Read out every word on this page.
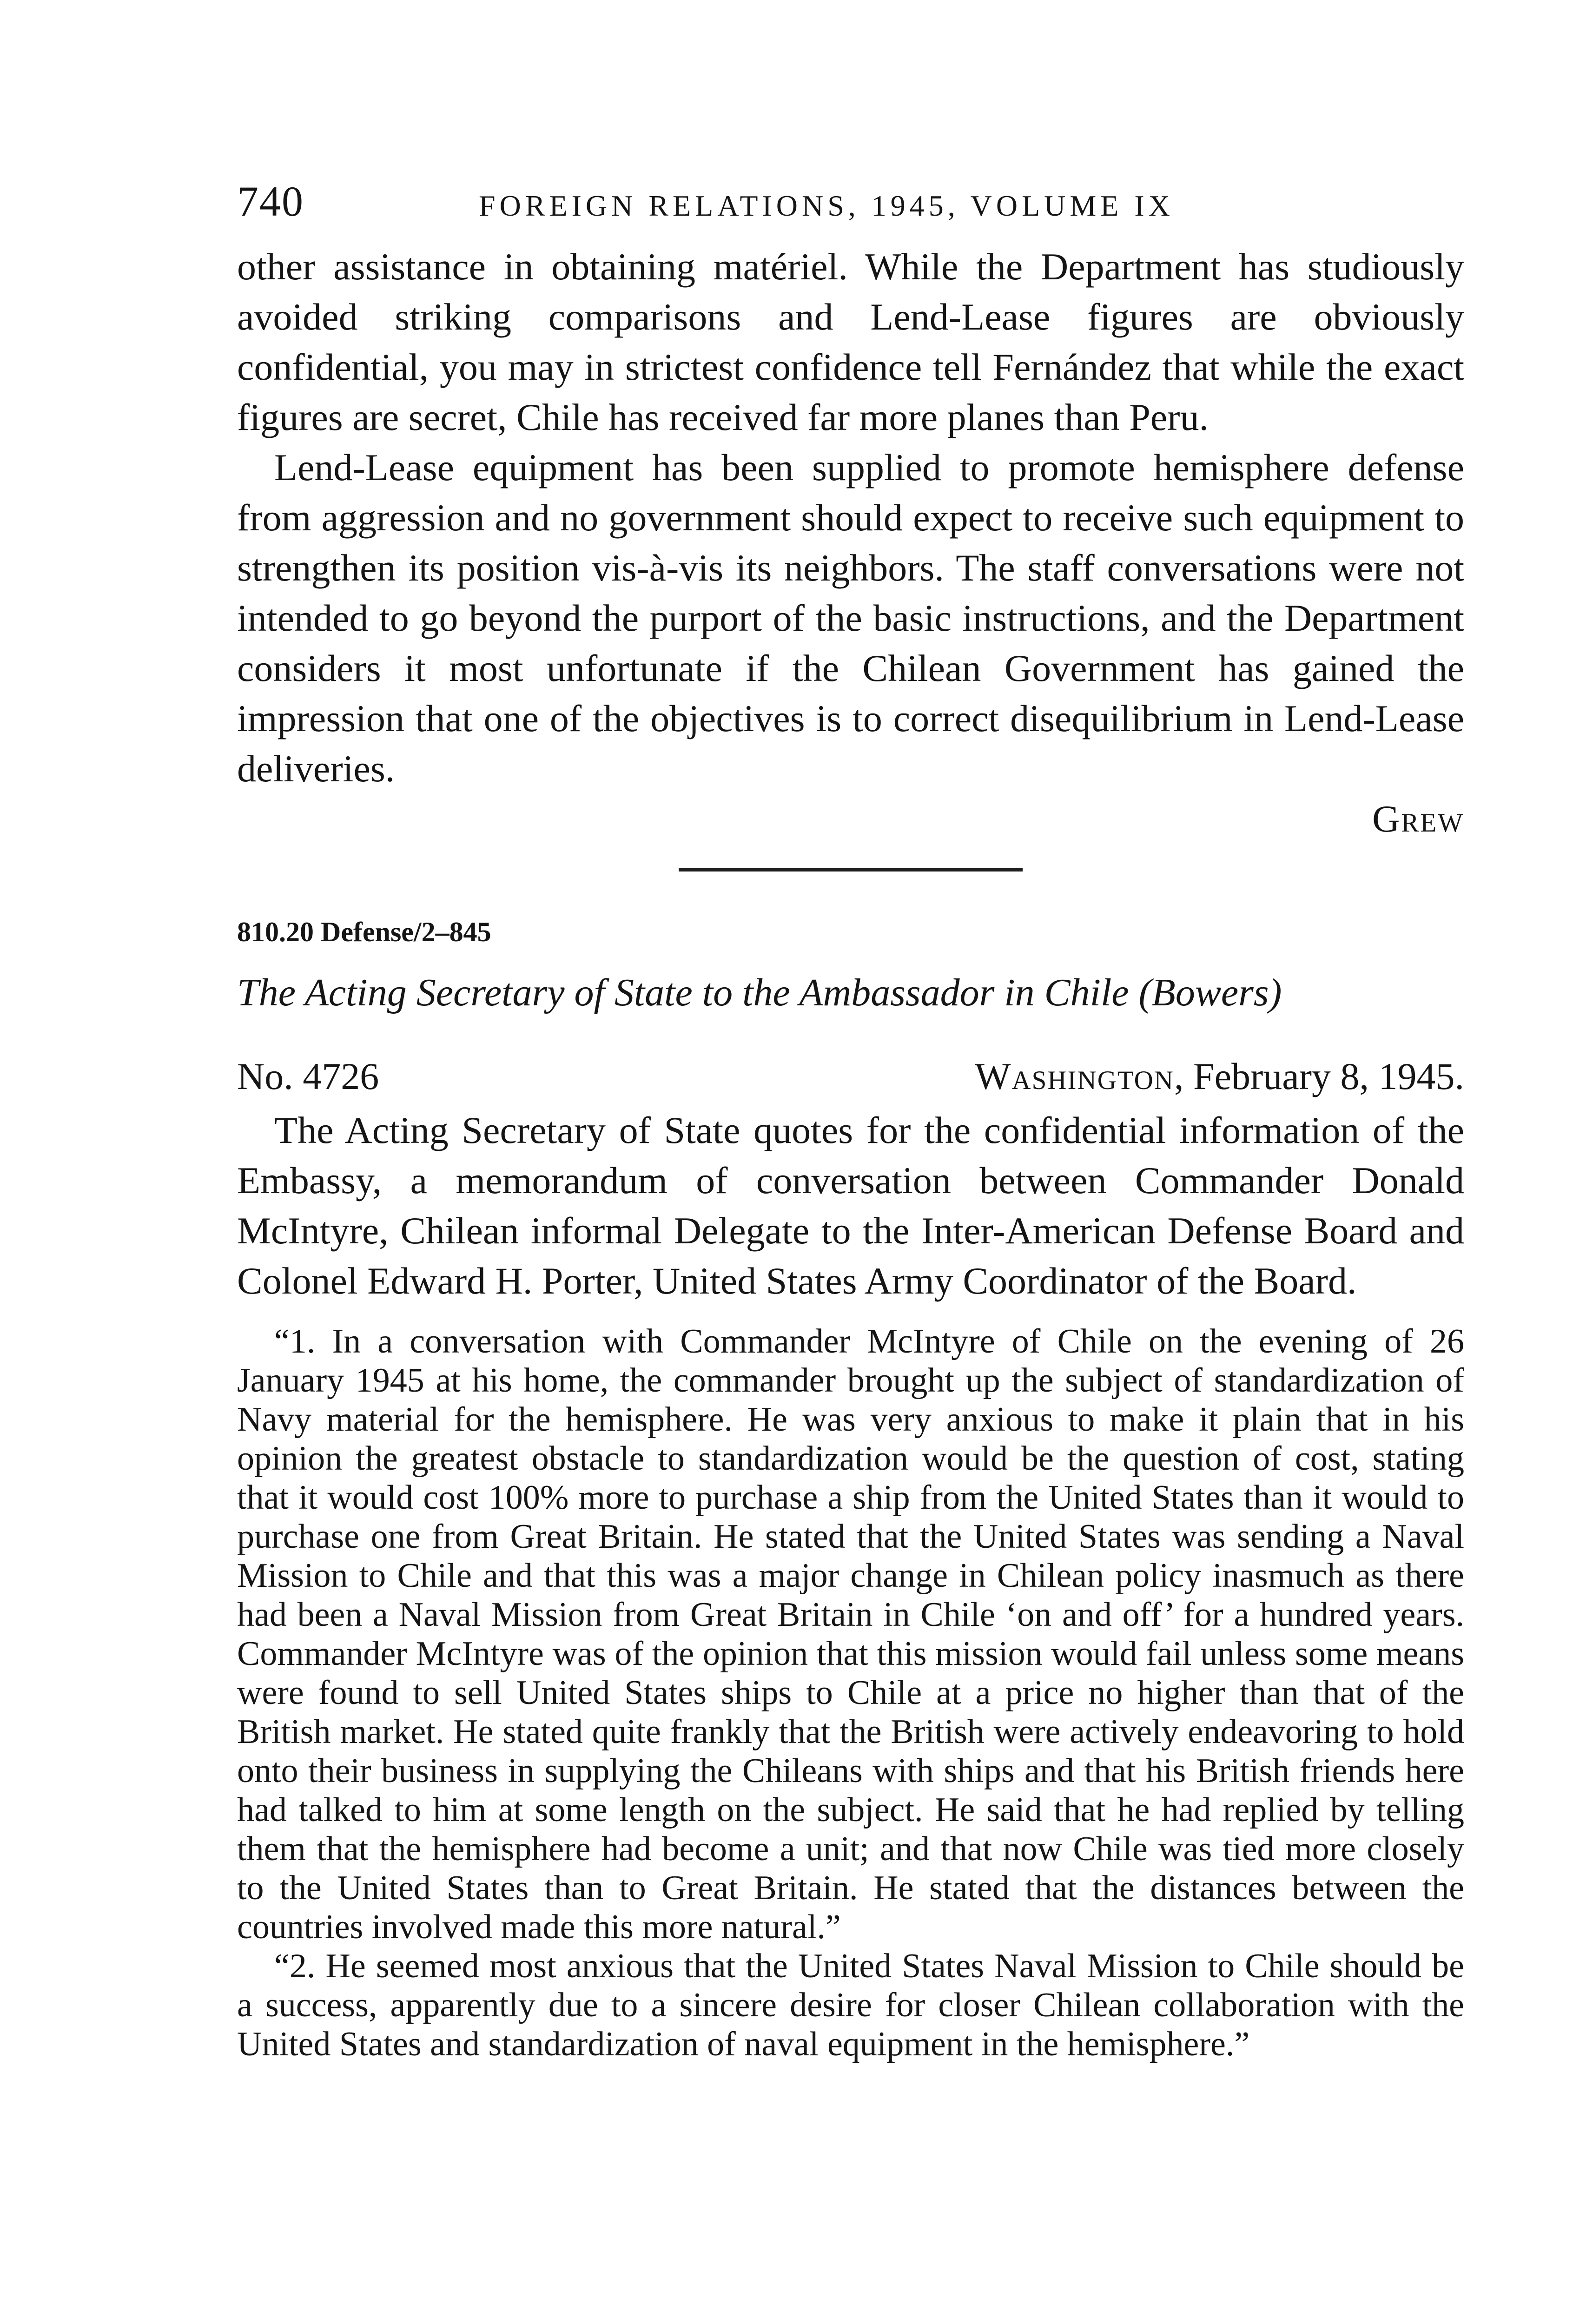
740	FOREIGN RELATIONS, 1945, VOLUME IX

other assistance in obtaining matériel. While the Department has studiously avoided striking comparisons and Lend-Lease figures are obviously confidential, you may in strictest confidence tell Fernández that while the exact figures are secret, Chile has received far more planes than Peru.

Lend-Lease equipment has been supplied to promote hemisphere defense from aggression and no government should expect to receive such equipment to strengthen its position vis-à-vis its neighbors. The staff conversations were not intended to go beyond the purport of the basic instructions, and the Department considers it most unfortunate if the Chilean Government has gained the impression that one of the objectives is to correct disequilibrium in Lend-Lease deliveries.

Grew

810.20 Defense/2–845

The Acting Secretary of State to the Ambassador in Chile (Bowers)

No. 4726	Washington, February 8, 1945.

The Acting Secretary of State quotes for the confidential information of the Embassy, a memorandum of conversation between Commander Donald McIntyre, Chilean informal Delegate to the Inter-American Defense Board and Colonel Edward H. Porter, United States Army Coordinator of the Board.

“1. In a conversation with Commander McIntyre of Chile on the evening of 26 January 1945 at his home, the commander brought up the subject of standardization of Navy material for the hemisphere. He was very anxious to make it plain that in his opinion the greatest obstacle to standardization would be the question of cost, stating that it would cost 100% more to purchase a ship from the United States than it would to purchase one from Great Britain. He stated that the United States was sending a Naval Mission to Chile and that this was a major change in Chilean policy inasmuch as there had been a Naval Mission from Great Britain in Chile ‘on and off’ for a hundred years. Commander McIntyre was of the opinion that this mission would fail unless some means were found to sell United States ships to Chile at a price no higher than that of the British market. He stated quite frankly that the British were actively endeavoring to hold onto their business in supplying the Chileans with ships and that his British friends here had talked to him at some length on the subject. He said that he had replied by telling them that the hemisphere had become a unit; and that now Chile was tied more closely to the United States than to Great Britain. He stated that the distances between the countries involved made this more natural.”

“2. He seemed most anxious that the United States Naval Mission to Chile should be a success, apparently due to a sincere desire for closer Chilean collaboration with the United States and standardization of naval equipment in the hemisphere.”
